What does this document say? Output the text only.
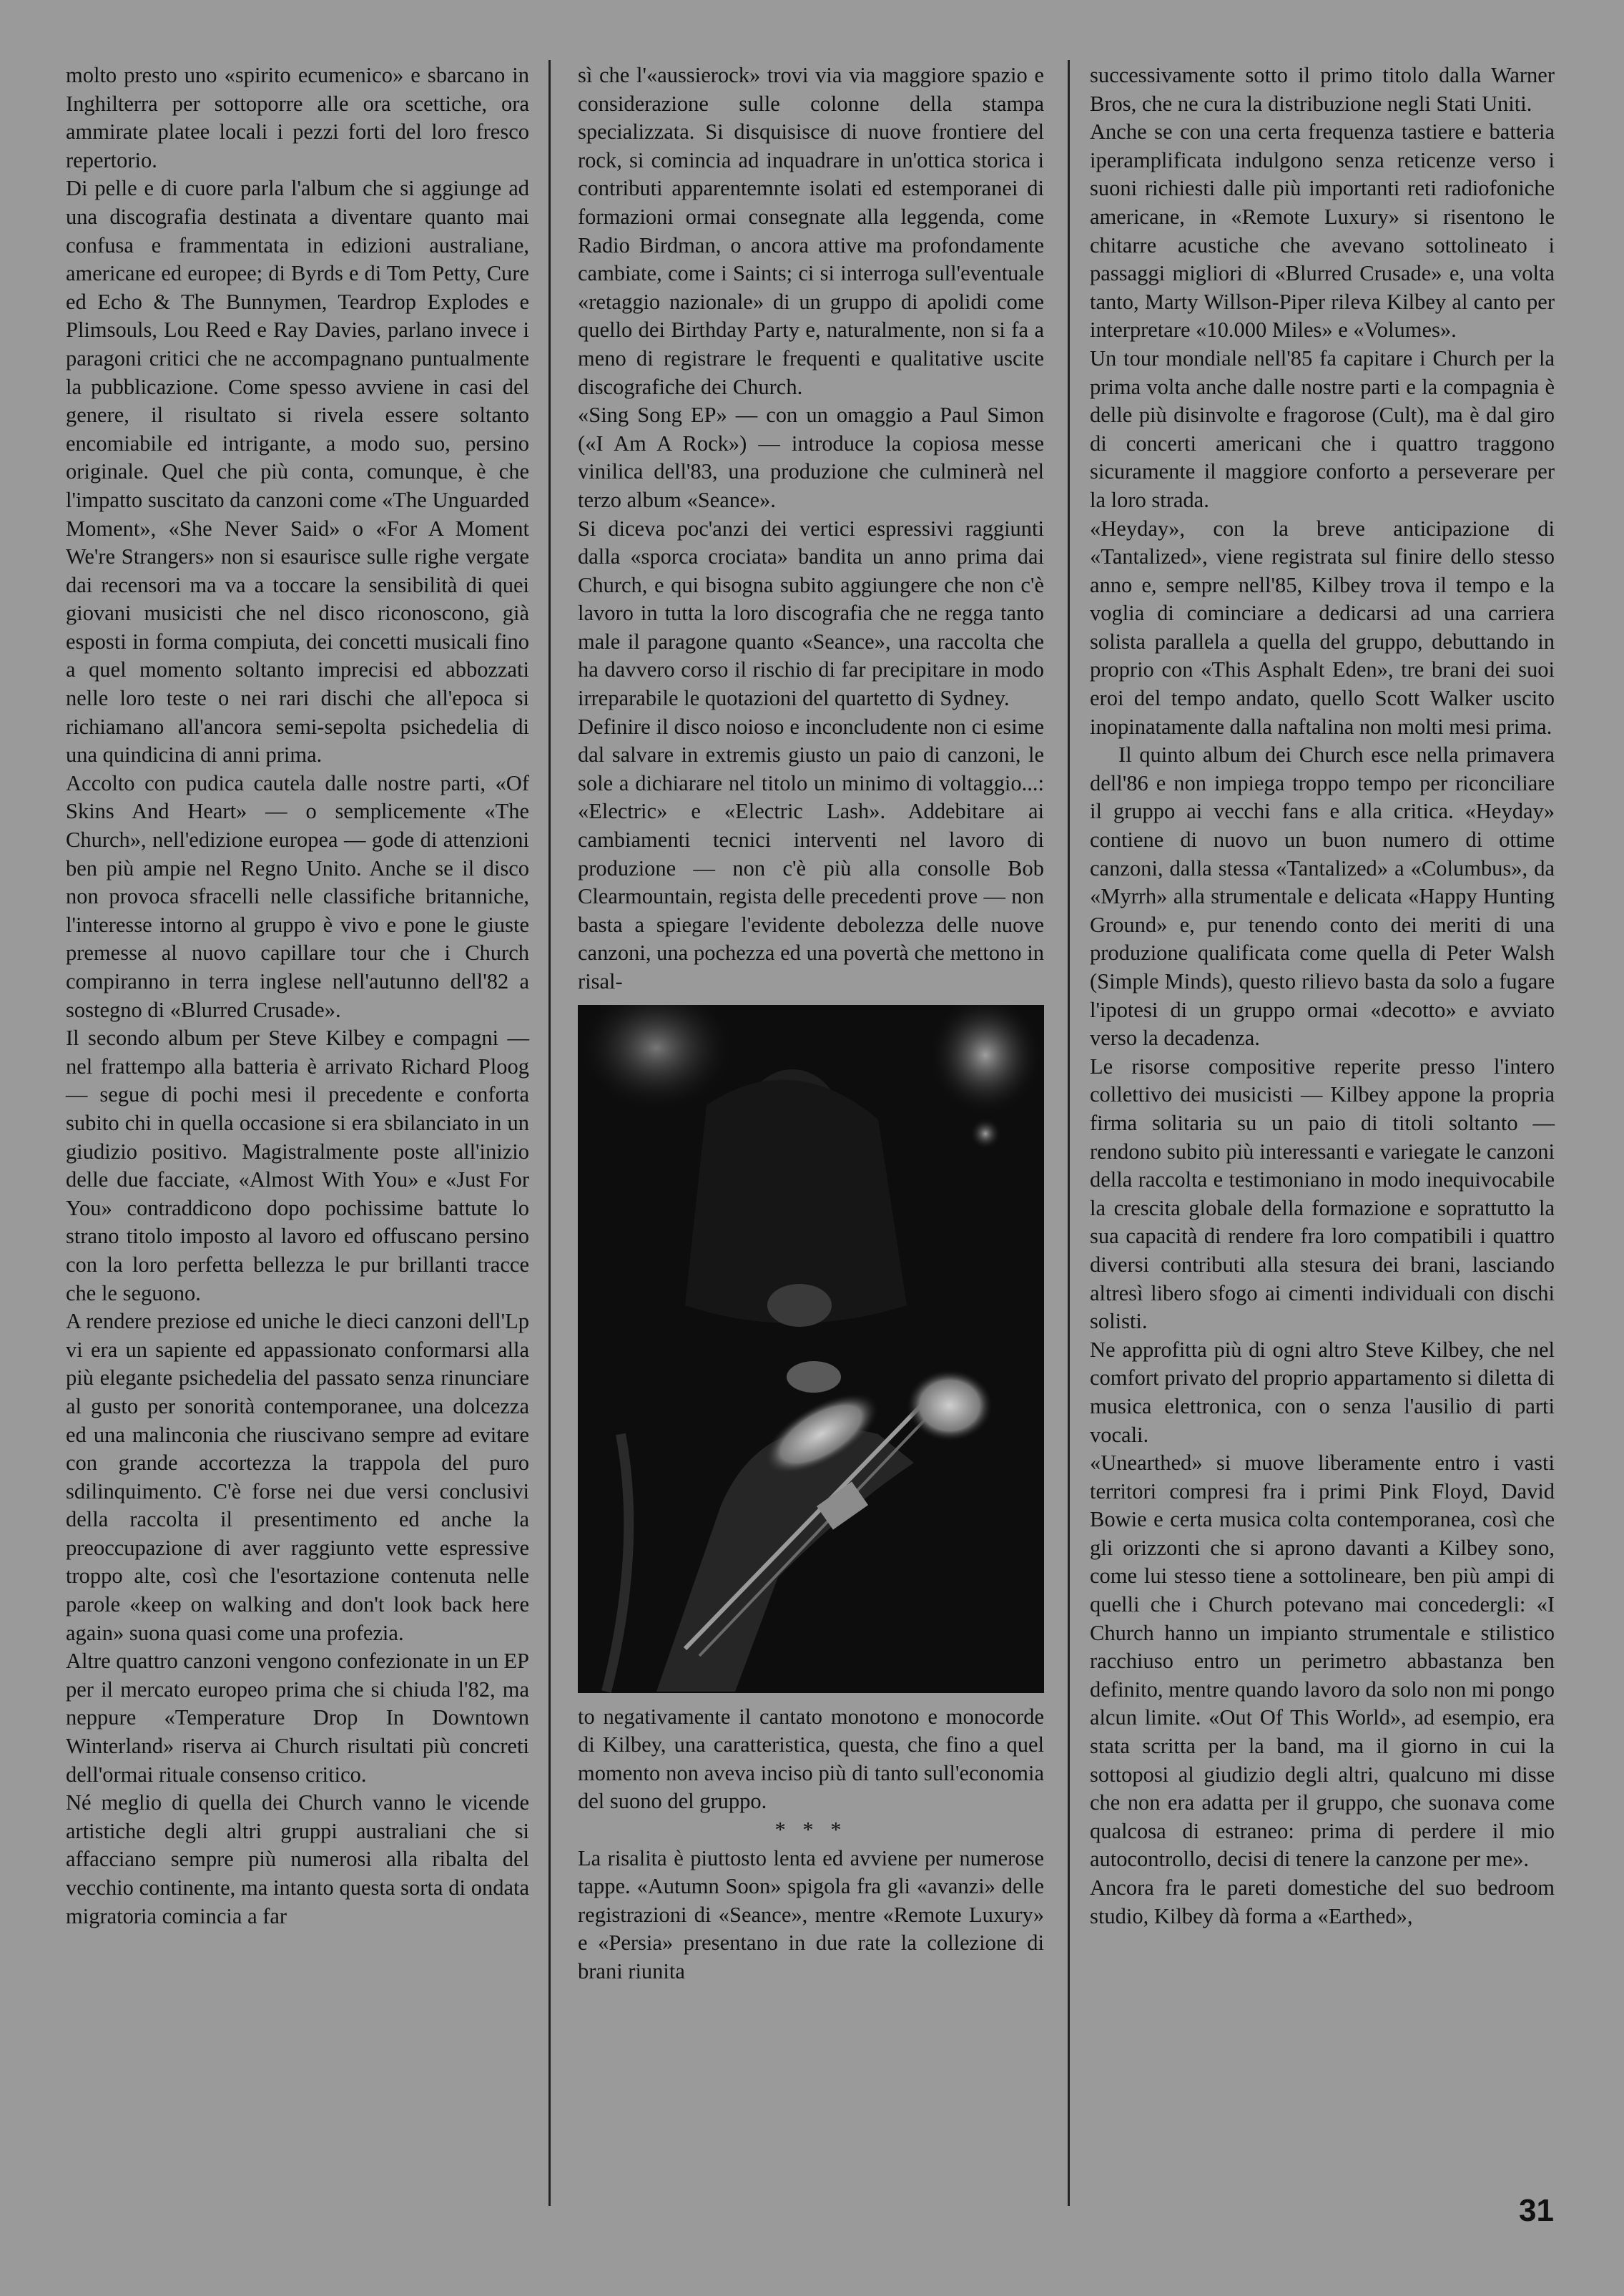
molto presto uno «spirito ecumenico» e sbarcano in Inghilterra per sottoporre alle ora scettiche, ora ammirate platee locali i pezzi forti del loro fresco repertorio.

Di pelle e di cuore parla l'album che si aggiunge ad una discografia destinata a diventare quanto mai confusa e frammentata in edizioni australiane, americane ed europee; di Byrds e di Tom Petty, Cure ed Echo & The Bunnymen, Teardrop Explodes e Plimsouls, Lou Reed e Ray Davies, parlano invece i paragoni critici che ne accompagnano puntualmente la pubblicazione. Come spesso avviene in casi del genere, il risultato si rivela essere soltanto encomiabile ed intrigante, a modo suo, persino originale. Quel che più conta, comunque, è che l'impatto suscitato da canzoni come «The Unguarded Moment», «She Never Said» o «For A Moment We're Strangers» non si esaurisce sulle righe vergate dai recensori ma va a toccare la sensibilità di quei giovani musicisti che nel disco riconoscono, già esposti in forma compiuta, dei concetti musicali fino a quel momento soltanto imprecisi ed abbozzati nelle loro teste o nei rari dischi che all'epoca si richiamano all'ancora semi-sepolta psichedelia di una quindicina di anni prima.

Accolto con pudica cautela dalle nostre parti, «Of Skins And Heart» — o semplicemente «The Church», nell'edizione europea — gode di attenzioni ben più ampie nel Regno Unito. Anche se il disco non provoca sfracelli nelle classifiche britanniche, l'interesse intorno al gruppo è vivo e pone le giuste premesse al nuovo capillare tour che i Church compiranno in terra inglese nell'autunno dell'82 a sostegno di «Blurred Crusade».

Il secondo album per Steve Kilbey e compagni — nel frattempo alla batteria è arrivato Richard Ploog — segue di pochi mesi il precedente e conforta subito chi in quella occasione si era sbilanciato in un giudizio positivo. Magistralmente poste all'inizio delle due facciate, «Almost With You» e «Just For You» contraddicono dopo pochissime battute lo strano titolo imposto al lavoro ed offuscano persino con la loro perfetta bellezza le pur brillanti tracce che le seguono.

A rendere preziose ed uniche le dieci canzoni dell'Lp vi era un sapiente ed appassionato conformarsi alla più elegante psichedelia del passato senza rinunciare al gusto per sonorità contemporanee, una dolcezza ed una malinconia che riuscivano sempre ad evitare con grande accortezza la trappola del puro sdilinquimento. C'è forse nei due versi conclusivi della raccolta il presentimento ed anche la preoccupazione di aver raggiunto vette espressive troppo alte, così che l'esortazione contenuta nelle parole «keep on walking and don't look back here again» suona quasi come una profezia.

Altre quattro canzoni vengono confezionate in un EP per il mercato europeo prima che si chiuda l'82, ma neppure «Temperature Drop In Downtown Winterland» riserva ai Church risultati più concreti dell'ormai rituale consenso critico.

Né meglio di quella dei Church vanno le vicende artistiche degli altri gruppi australiani che si affacciano sempre più numerosi alla ribalta del vecchio continente, ma intanto questa sorta di ondata migratoria comincia a far

sì che l'«aussierock» trovi via via maggiore spazio e considerazione sulle colonne della stampa specializzata. Si disquisisce di nuove frontiere del rock, si comincia ad inquadrare in un'ottica storica i contributi apparentemnte isolati ed estemporanei di formazioni ormai consegnate alla leggenda, come Radio Birdman, o ancora attive ma profondamente cambiate, come i Saints; ci si interroga sull'eventuale «retaggio nazionale» di un gruppo di apolidi come quello dei Birthday Party e, naturalmente, non si fa a meno di registrare le frequenti e qualitative uscite discografiche dei Church.

«Sing Song EP» — con un omaggio a Paul Simon («I Am A Rock») — introduce la copiosa messe vinilica dell'83, una produzione che culminerà nel terzo album «Seance».

Si diceva poc'anzi dei vertici espressivi raggiunti dalla «sporca crociata» bandita un anno prima dai Church, e qui bisogna subito aggiungere che non c'è lavoro in tutta la loro discografia che ne regga tanto male il paragone quanto «Seance», una raccolta che ha davvero corso il rischio di far precipitare in modo irreparabile le quotazioni del quartetto di Sydney.

Definire il disco noioso e inconcludente non ci esime dal salvare in extremis giusto un paio di canzoni, le sole a dichiarare nel titolo un minimo di voltaggio...: «Electric» e «Electric Lash». Addebitare ai cambiamenti tecnici interventi nel lavoro di produzione — non c'è più alla consolle Bob Clearmountain, regista delle precedenti prove — non basta a spiegare l'evidente debolezza delle nuove canzoni, una pochezza ed una povertà che mettono in risal-

to negativamente il cantato monotono e monocorde di Kilbey, una caratteristica, questa, che fino a quel momento non aveva inciso più di tanto sull'economia del suono del gruppo.

* * *

La risalita è piuttosto lenta ed avviene per numerose tappe. «Autumn Soon» spigola fra gli «avanzi» delle registrazioni di «Seance», mentre «Remote Luxury» e «Persia» presentano in due rate la collezione di brani riunita

successivamente sotto il primo titolo dalla Warner Bros, che ne cura la distribuzione negli Stati Uniti.

Anche se con una certa frequenza tastiere e batteria iperamplificata indulgono senza reticenze verso i suoni richiesti dalle più importanti reti radiofoniche americane, in «Remote Luxury» si risentono le chitarre acustiche che avevano sottolineato i passaggi migliori di «Blurred Crusade» e, una volta tanto, Marty Willson-Piper rileva Kilbey al canto per interpretare «10.000 Miles» e «Volumes».

Un tour mondiale nell'85 fa capitare i Church per la prima volta anche dalle nostre parti e la compagnia è delle più disinvolte e fragorose (Cult), ma è dal giro di concerti americani che i quattro traggono sicuramente il maggiore conforto a perseverare per la loro strada.

«Heyday», con la breve anticipazione di «Tantalized», viene registrata sul finire dello stesso anno e, sempre nell'85, Kilbey trova il tempo e la voglia di cominciare a dedicarsi ad una carriera solista parallela a quella del gruppo, debuttando in proprio con «This Asphalt Eden», tre brani dei suoi eroi del tempo andato, quello Scott Walker uscito inopinatamente dalla naftalina non molti mesi prima.

Il quinto album dei Church esce nella primavera dell'86 e non impiega troppo tempo per riconciliare il gruppo ai vecchi fans e alla critica. «Heyday» contiene di nuovo un buon numero di ottime canzoni, dalla stessa «Tantalized» a «Columbus», da «Myrrh» alla strumentale e delicata «Happy Hunting Ground» e, pur tenendo conto dei meriti di una produzione qualificata come quella di Peter Walsh (Simple Minds), questo rilievo basta da solo a fugare l'ipotesi di un gruppo ormai «decotto» e avviato verso la decadenza.

Le risorse compositive reperite presso l'intero collettivo dei musicisti — Kilbey appone la propria firma solitaria su un paio di titoli soltanto — rendono subito più interessanti e variegate le canzoni della raccolta e testimoniano in modo inequivocabile la crescita globale della formazione e soprattutto la sua capacità di rendere fra loro compatibili i quattro diversi contributi alla stesura dei brani, lasciando altresì libero sfogo ai cimenti individuali con dischi solisti.

Ne approfitta più di ogni altro Steve Kilbey, che nel comfort privato del proprio appartamento si diletta di musica elettronica, con o senza l'ausilio di parti vocali.

«Unearthed» si muove liberamente entro i vasti territori compresi fra i primi Pink Floyd, David Bowie e certa musica colta contemporanea, così che gli orizzonti che si aprono davanti a Kilbey sono, come lui stesso tiene a sottolineare, ben più ampi di quelli che i Church potevano mai concedergli: «I Church hanno un impianto strumentale e stilistico racchiuso entro un perimetro abbastanza ben definito, mentre quando lavoro da solo non mi pongo alcun limite. «Out Of This World», ad esempio, era stata scritta per la band, ma il giorno in cui la sottoposi al giudizio degli altri, qualcuno mi disse che non era adatta per il gruppo, che suonava come qualcosa di estraneo: prima di perdere il mio autocontrollo, decisi di tenere la canzone per me».

Ancora fra le pareti domestiche del suo bedroom studio, Kilbey dà forma a «Earthed»,

31
